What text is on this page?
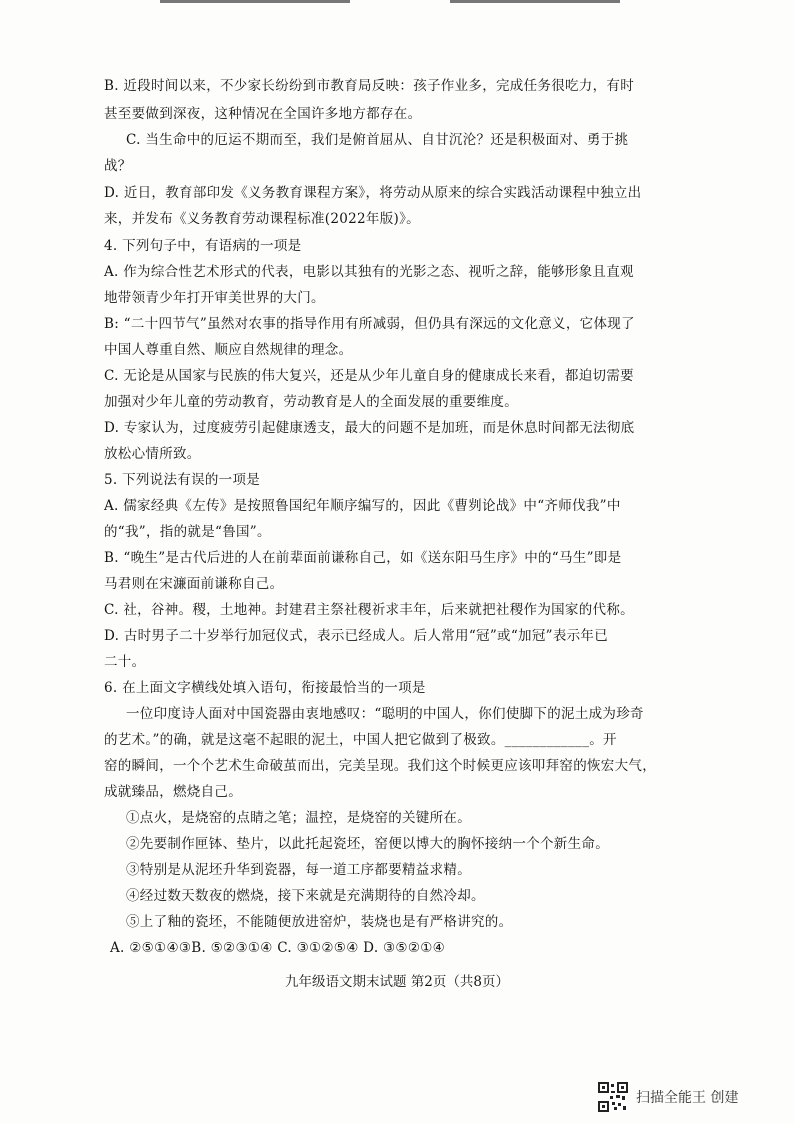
B. 近段时间以来，不少家长纷纷到市教育局反映：孩子作业多，完成任务很吃力，有时
甚至要做到深夜，这种情况在全国许多地方都存在。
C. 当生命中的厄运不期而至，我们是俯首屈从、自甘沉沦？还是积极面对、勇于挑
战？
D. 近日，教育部印发《义务教育课程方案》，将劳动从原来的综合实践活动课程中独立出
来，并发布《义务教育劳动课程标准(2022年版)》。
4. 下列句子中，有语病的一项是
A. 作为综合性艺术形式的代表，电影以其独有的光影之态、视听之辞，能够形象且直观
地带领青少年打开审美世界的大门。
B: “二十四节气”虽然对农事的指导作用有所减弱，但仍具有深远的文化意义，它体现了
中国人尊重自然、顺应自然规律的理念。
C. 无论是从国家与民族的伟大复兴，还是从少年儿童自身的健康成长来看，都迫切需要
加强对少年儿童的劳动教育，劳动教育是人的全面发展的重要维度。
D. 专家认为，过度疲劳引起健康透支，最大的问题不是加班，而是休息时间都无法彻底
放松心情所致。
5. 下列说法有误的一项是
A. 儒家经典《左传》是按照鲁国纪年顺序编写的，因此《曹刿论战》中“齐师伐我”中
的“我”，指的就是“鲁国”。
B. “晚生”是古代后进的人在前辈面前谦称自己，如《送东阳马生序》中的“马生”即是
马君则在宋濂面前谦称自己。
C. 社，谷神。稷，土地神。封建君主祭社稷祈求丰年，后来就把社稷作为国家的代称。
D. 古时男子二十岁举行加冠仪式，表示已经成人。后人常用“冠”或“加冠”表示年已
二十。
6. 在上面文字横线处填入语句，衔接最恰当的一项是
一位印度诗人面对中国瓷器由衷地感叹：“聪明的中国人，你们使脚下的泥土成为珍奇
的艺术。”的确，就是这毫不起眼的泥土，中国人把它做到了极致。____________。开
窑的瞬间，一个个艺术生命破茧而出，完美呈现。我们这个时候更应该叩拜窑的恢宏大气，
成就臻品，燃烧自己。
①点火，是烧窑的点睛之笔；温控，是烧窑的关键所在。
②先要制作匣钵、垫片，以此托起瓷坯，窑便以博大的胸怀接纳一个个新生命。
③特别是从泥坯升华到瓷器，每一道工序都要精益求精。
④经过数天数夜的燃烧，接下来就是充满期待的自然冷却。
⑤上了釉的瓷坯，不能随便放进窑炉，装烧也是有严格讲究的。
A. ②⑤①④③B. ⑤②③①④ C. ③①②⑤④ D. ③⑤②①④
九年级语文期末试题 第2页（共8页）
扫描全能王 创建
